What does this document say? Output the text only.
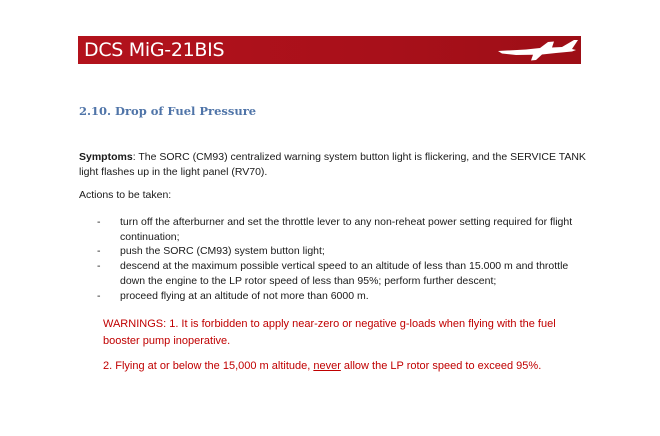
DCS MiG-21BIS
2.10. Drop of Fuel Pressure
Symptoms: The SORC (CM93) centralized warning system button light is flickering, and the SERVICE TANK light flashes up in the light panel (RV70).
Actions to be taken:
- turn off the afterburner and set the throttle lever to any non-reheat power setting required for flight continuation;
- push the SORC (CM93) system button light;
- descend at the maximum possible vertical speed to an altitude of less than 15.000 m and throttle down the engine to the LP rotor speed of less than 95%; perform further descent;
- proceed flying at an altitude of not more than 6000 m.
WARNINGS: 1. It is forbidden to apply near-zero or negative g-loads when flying with the fuel booster pump inoperative.
2. Flying at or below the 15,000 m altitude, never allow the LP rotor speed to exceed 95%.
